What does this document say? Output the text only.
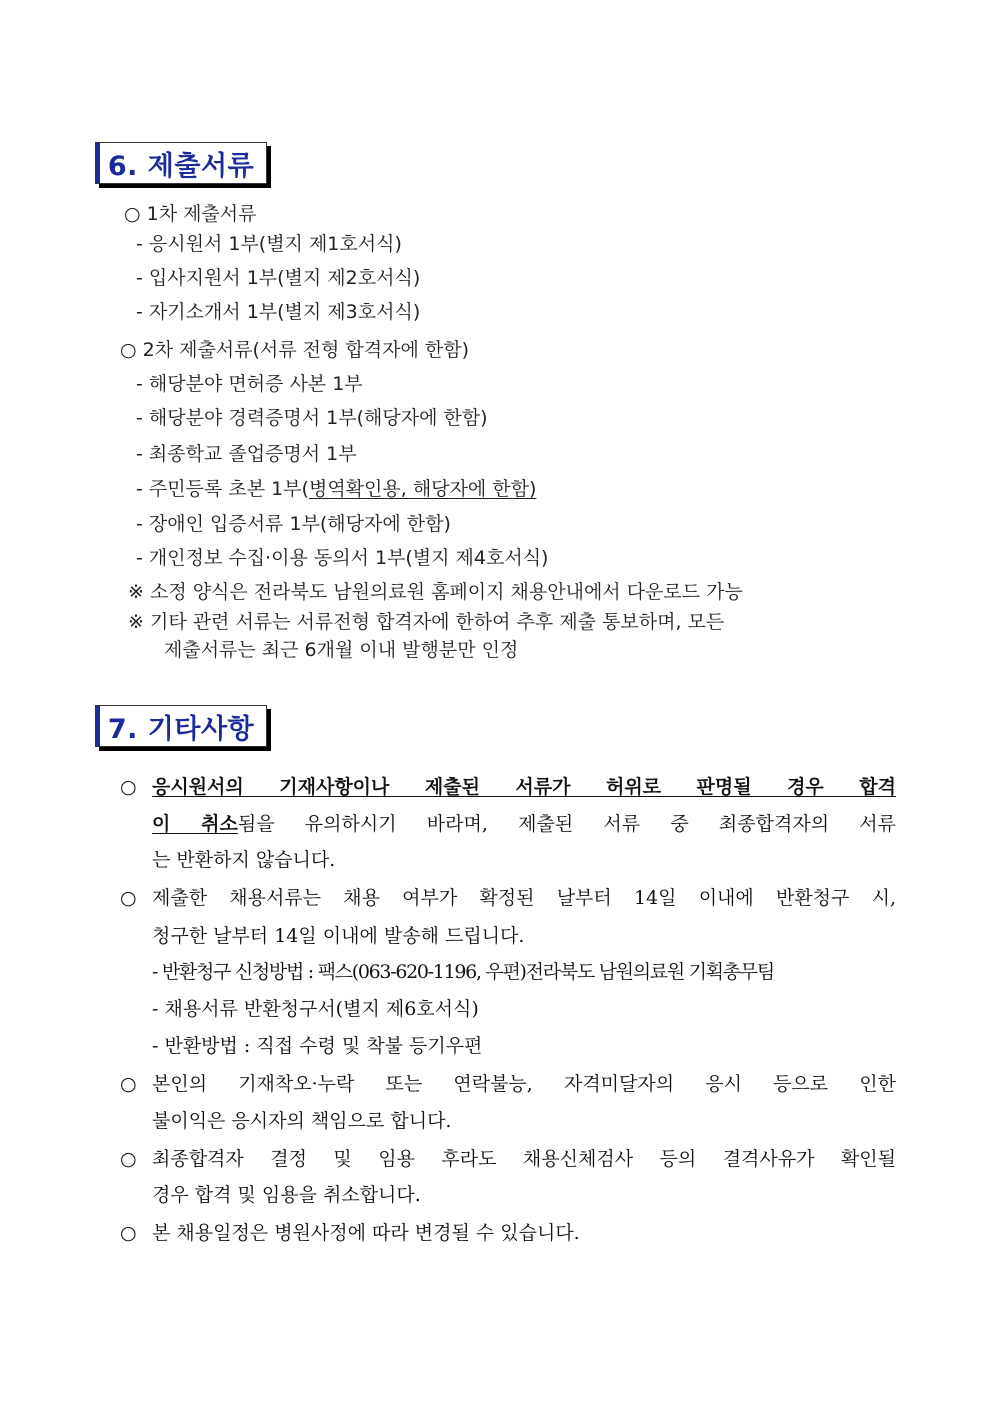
6. 제출서류
○ 1차 제출서류
- 응시원서 1부(별지 제1호서식)
- 입사지원서 1부(별지 제2호서식)
- 자기소개서 1부(별지 제3호서식)
○ 2차 제출서류(서류 전형 합격자에 한함)
- 해당분야 면허증 사본 1부
- 해당분야 경력증명서 1부(해당자에 한함)
- 최종학교 졸업증명서 1부
- 주민등록 초본 1부(병역확인용, 해당자에 한함)
- 장애인 입증서류 1부(해당자에 한함)
- 개인정보 수집·이용 동의서 1부(별지 제4호서식)
※ 소정 양식은 전라북도 남원의료원 홈페이지 채용안내에서 다운로드 가능
※ 기타 관련 서류는 서류전형 합격자에 한하여 추후 제출 통보하며, 모든
제출서류는 최근 6개월 이내 발행분만 인정
7. 기타사항
○ 응시원서의 기재사항이나 제출된 서류가 허위로 판명될 경우 합격
이 취소됨을 유의하시기 바라며, 제출된 서류 중 최종합격자의 서류
는 반환하지 않습니다.
○ 제출한 채용서류는 채용 여부가 확정된 날부터 14일 이내에 반환청구 시,
청구한 날부터 14일 이내에 발송해 드립니다.
- 반환청구 신청방법 : 팩스(063-620-1196, 우편)전라북도 남원의료원 기획총무팀
- 채용서류 반환청구서(별지 제6호서식)
- 반환방법 : 직접 수령 및 착불 등기우편
○ 본인의 기재착오·누락 또는 연락불능, 자격미달자의 응시 등으로 인한
불이익은 응시자의 책임으로 합니다.
○ 최종합격자 결정 및 임용 후라도 채용신체검사 등의 결격사유가 확인될
경우 합격 및 임용을 취소합니다.
○ 본 채용일정은 병원사정에 따라 변경될 수 있습니다.
